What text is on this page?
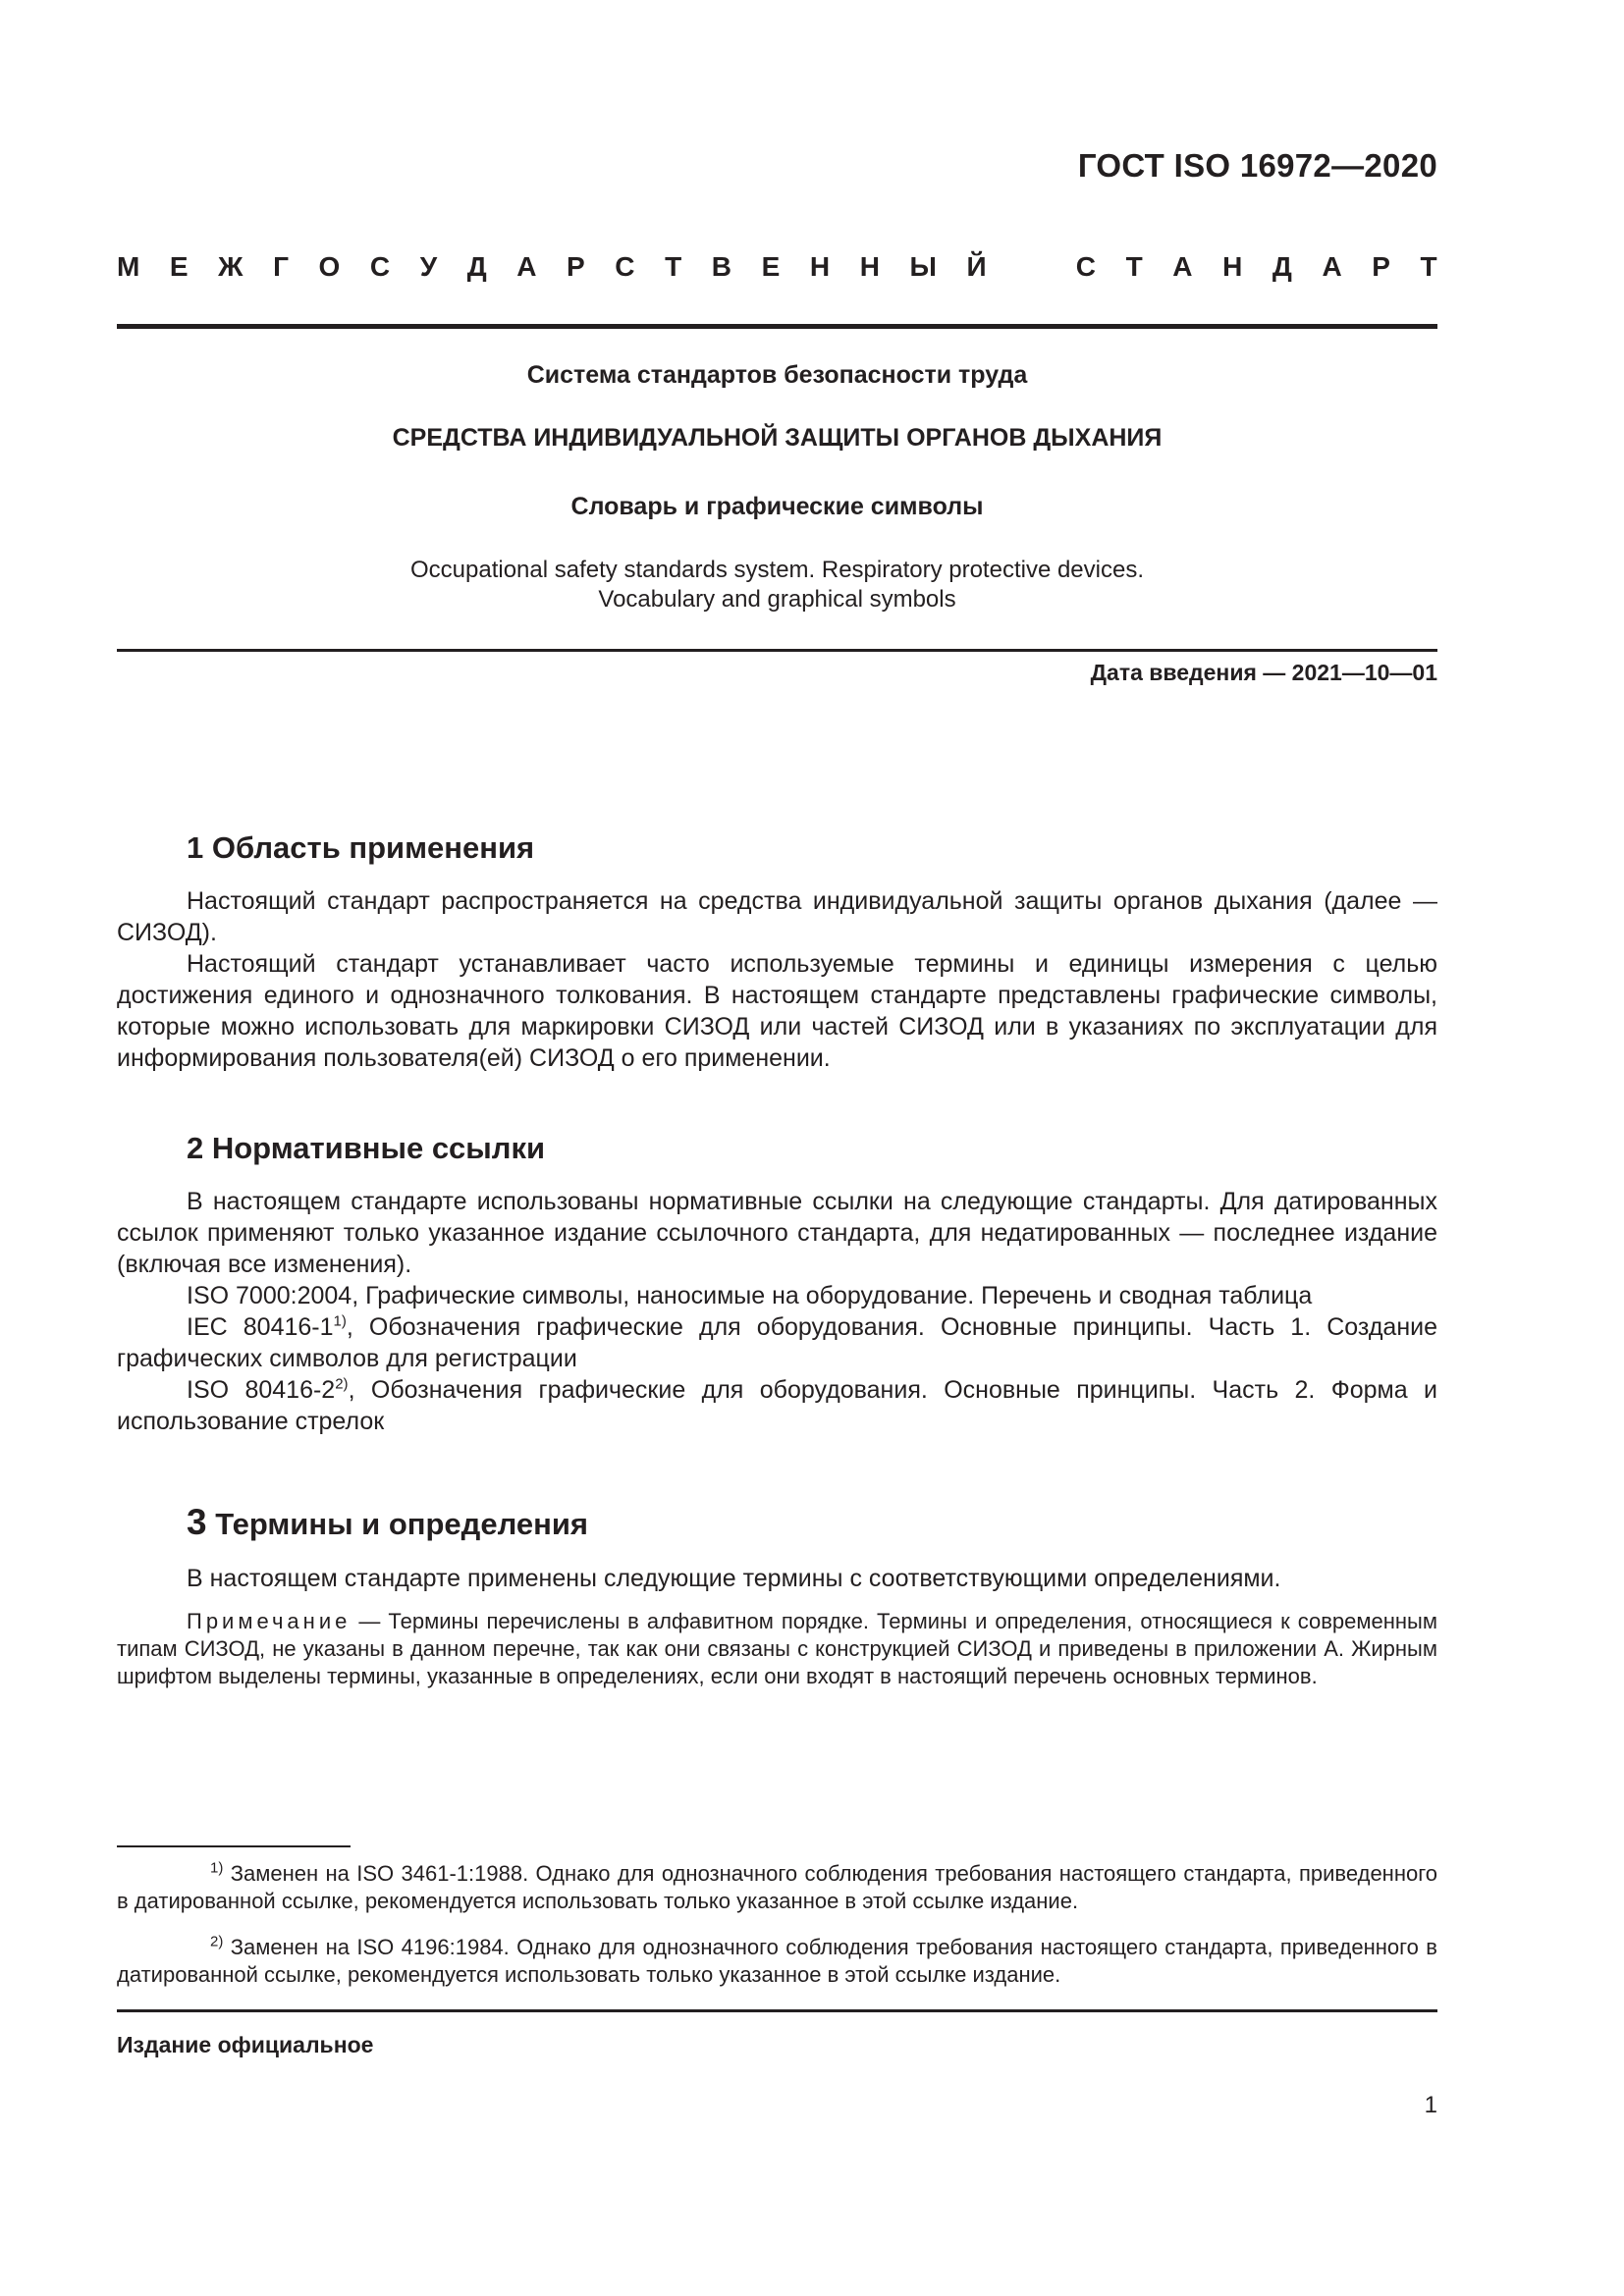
ГОСТ ISO 16972—2020
М Е Ж Г О С У Д А Р С Т В Е Н Н Ы Й	С Т А Н Д А Р Т
Система стандартов безопасности труда
СРЕДСТВА ИНДИВИДУАЛЬНОЙ ЗАЩИТЫ ОРГАНОВ ДЫХАНИЯ
Словарь и графические символы
Occupational safety standards system. Respiratory protective devices.
Vocabulary and graphical symbols
Дата введения — 2021—10—01
1 Область применения

Настоящий стандарт распространяется на средства индивидуальной защиты органов дыхания (далее — СИЗОД).

Настоящий стандарт устанавливает часто используемые термины и единицы измерения с целью достижения единого и однозначного толкования. В настоящем стандарте представлены графические символы, которые можно использовать для маркировки СИЗОД или частей СИЗОД или в указаниях по эксплуатации для информирования пользователя(ей) СИЗОД о его применении.

2 Нормативные ссылки

В настоящем стандарте использованы нормативные ссылки на следующие стандарты. Для датированных ссылок применяют только указанное издание ссылочного стандарта, для недатированных — последнее издание (включая все изменения).

ISO 7000:2004, Графические символы, наносимые на оборудование. Перечень и сводная таблица

IEC 80416-1$^{1)}$, Обозначения графические для оборудования. Основные принципы. Часть 1. Создание графических символов для регистрации

ISO 80416-2$^{2)}$, Обозначения графические для оборудования. Основные принципы. Часть 2. Форма и использование стрелок

3 Термины и определения

В настоящем стандарте применены следующие термины с соответствующими определениями.

Примечание — Термины перечислены в алфавитном порядке. Термины и определения, относящиеся к современным типам СИЗОД, не указаны в данном перечне, так как они связаны с конструкцией СИЗОД и приведены в приложении А. Жирным шрифтом выделены термины, указанные в определениях, если они входят в настоящий перечень основных терминов.

$^{1)}$ Заменен на ISO 3461-1:1988. Однако для однозначного соблюдения требования настоящего стандарта, приведенного в датированной ссылке, рекомендуется использовать только указанное в этой ссылке издание.

$^{2)}$ Заменен на ISO 4196:1984. Однако для однозначного соблюдения требования настоящего стандарта, приведенного в датированной ссылке, рекомендуется использовать только указанное в этой ссылке издание.

Издание официальное
1
